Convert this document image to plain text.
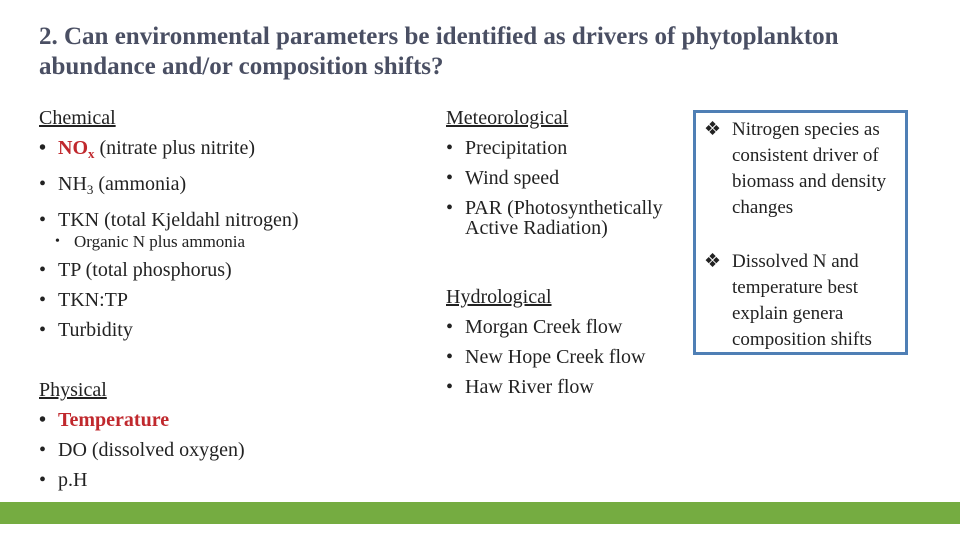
2. Can environmental parameters be identified as drivers of phytoplankton abundance and/or composition shifts?
Chemical
• $NO_x$ (nitrate plus nitrite)
• $NH_3$ (ammonia)
• TKN (total Kjeldahl nitrogen)
• Organic N plus ammonia
• TP (total phosphorus)
• TKN:TP
• Turbidity
Physical
• Temperature
• DO (dissolved oxygen)
• p.H
Meteorological
• Precipitation
• Wind speed
• PAR (Photosynthetically Active Radiation)
Hydrological
• Morgan Creek flow
• New Hope Creek flow
• Haw River flow
❖ Nitrogen species as consistent driver of biomass and density changes
❖ Dissolved N and temperature best explain genera composition shifts
